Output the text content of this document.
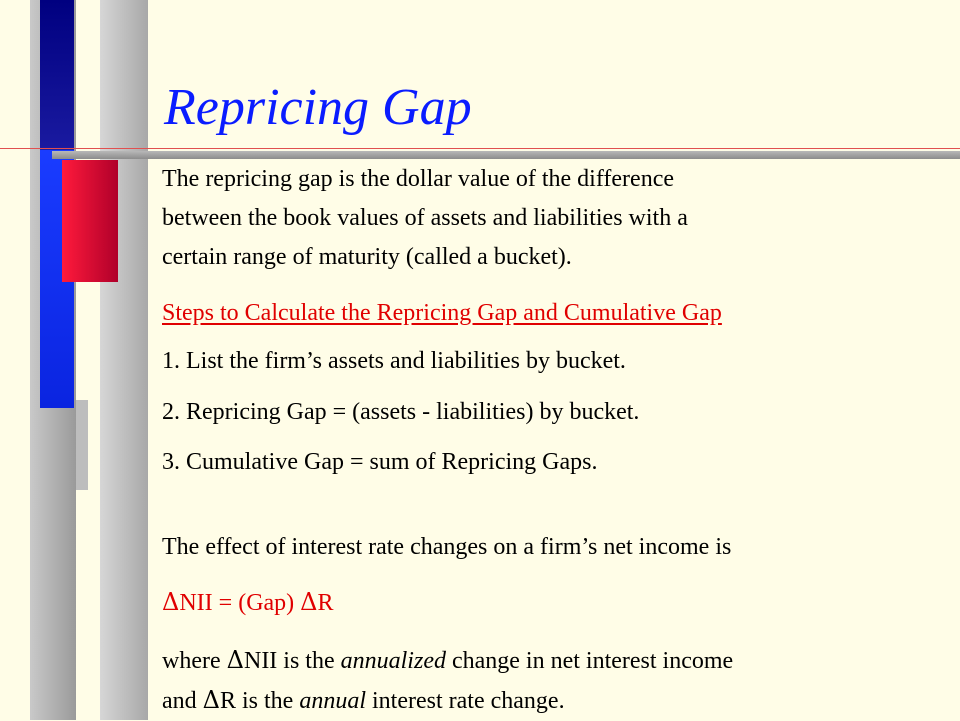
Repricing Gap
The repricing gap is the dollar value of the difference
between the book values of assets and liabilities with a
certain range of maturity (called a bucket).
Steps to Calculate the Repricing Gap and Cumulative Gap
1. List the firm’s assets and liabilities by bucket.
2. Repricing Gap = (assets - liabilities) by bucket.
3. Cumulative Gap = sum of Repricing Gaps.
The effect of interest rate changes on a firm’s net income is
ΔNII = (Gap) ΔR
where ΔNII is the annualized change in net interest income
and ΔR is the annual interest rate change.
